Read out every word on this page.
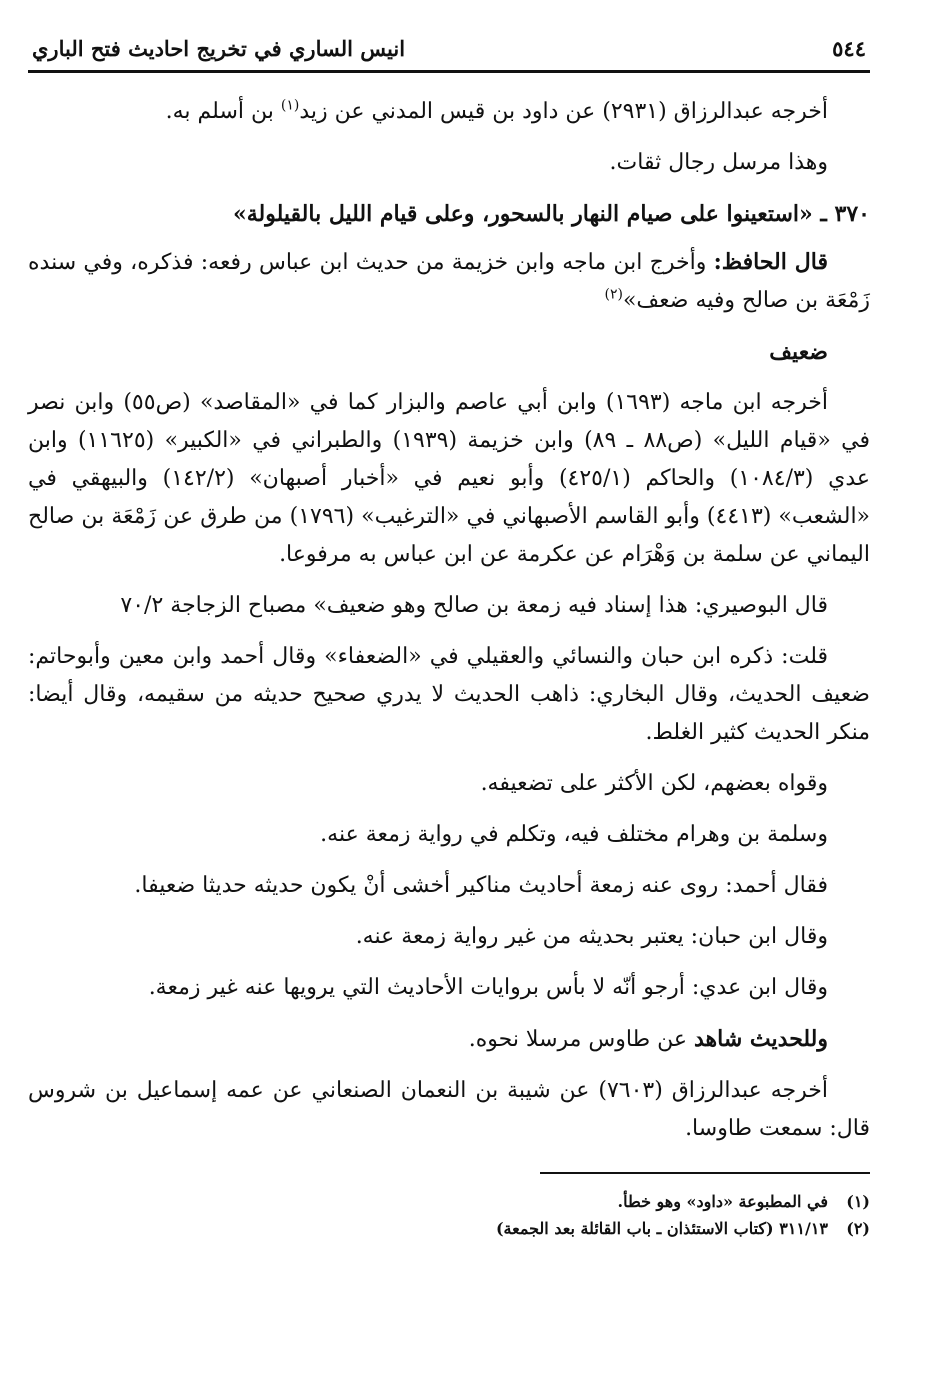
٥٤٤
انيس الساري في تخريج احاديث فتح الباري

أخرجه عبدالرزاق (٢٩٣١) عن داود بن قيس المدني عن زيد$^{(١)}$ بن أسلم به.

وهذا مرسل رجال ثقات.

٣٧٠ ـ «استعينوا على صيام النهار بالسحور، وعلى قيام الليل بالقيلولة»

قال الحافظ: وأخرج ابن ماجه وابن خزيمة من حديث ابن عباس رفعه: فذكره، وفي سنده زَمْعَة بن صالح وفيه ضعف»$^{(٢)}$

ضعيف

أخرجه ابن ماجه (١٦٩٣) وابن أبي عاصم والبزار كما في «المقاصد» (ص٥٥) وابن نصر في «قيام الليل» (ص٨٨ ـ ٨٩) وابن خزيمة (١٩٣٩) والطبراني في «الكبير» (١١٦٢٥) وابن عدي (١٠٨٤/٣) والحاكم (٤٢٥/١) وأبو نعيم في «أخبار أصبهان» (١٤٢/٢) والبيهقي في «الشعب» (٤٤١٣) وأبو القاسم الأصبهاني في «الترغيب» (١٧٩٦) من طرق عن زَمْعَة بن صالح اليماني عن سلمة بن وَهْرَام عن عكرمة عن ابن عباس به مرفوعا.

قال البوصيري: هذا إسناد فيه زمعة بن صالح وهو ضعيف» مصباح الزجاجة ٧٠/٢

قلت: ذكره ابن حبان والنسائي والعقيلي في «الضعفاء» وقال أحمد وابن معين وأبوحاتم: ضعيف الحديث، وقال البخاري: ذاهب الحديث لا يدري صحيح حديثه من سقيمه، وقال أيضا: منكر الحديث كثير الغلط.

وقواه بعضهم، لكن الأكثر على تضعيفه.

وسلمة بن وهرام مختلف فيه، وتكلم في رواية زمعة عنه.

فقال أحمد: روى عنه زمعة أحاديث مناكير أخشى أنْ يكون حديثه حديثا ضعيفا.

وقال ابن حبان: يعتبر بحديثه من غير رواية زمعة عنه.

وقال ابن عدي: أرجو أنّه لا بأس بروايات الأحاديث التي يرويها عنه غير زمعة.

وللحديث شاهد عن طاوس مرسلا نحوه.

أخرجه عبدالرزاق (٧٦٠٣) عن شيبة بن النعمان الصنعاني عن عمه إسماعيل بن شروس قال: سمعت طاوسا.

(١)
في المطبوعة «داود» وهو خطأ.
(٢)
٣١١/١٣ (كتاب الاستئذان ـ باب القائلة بعد الجمعة)
